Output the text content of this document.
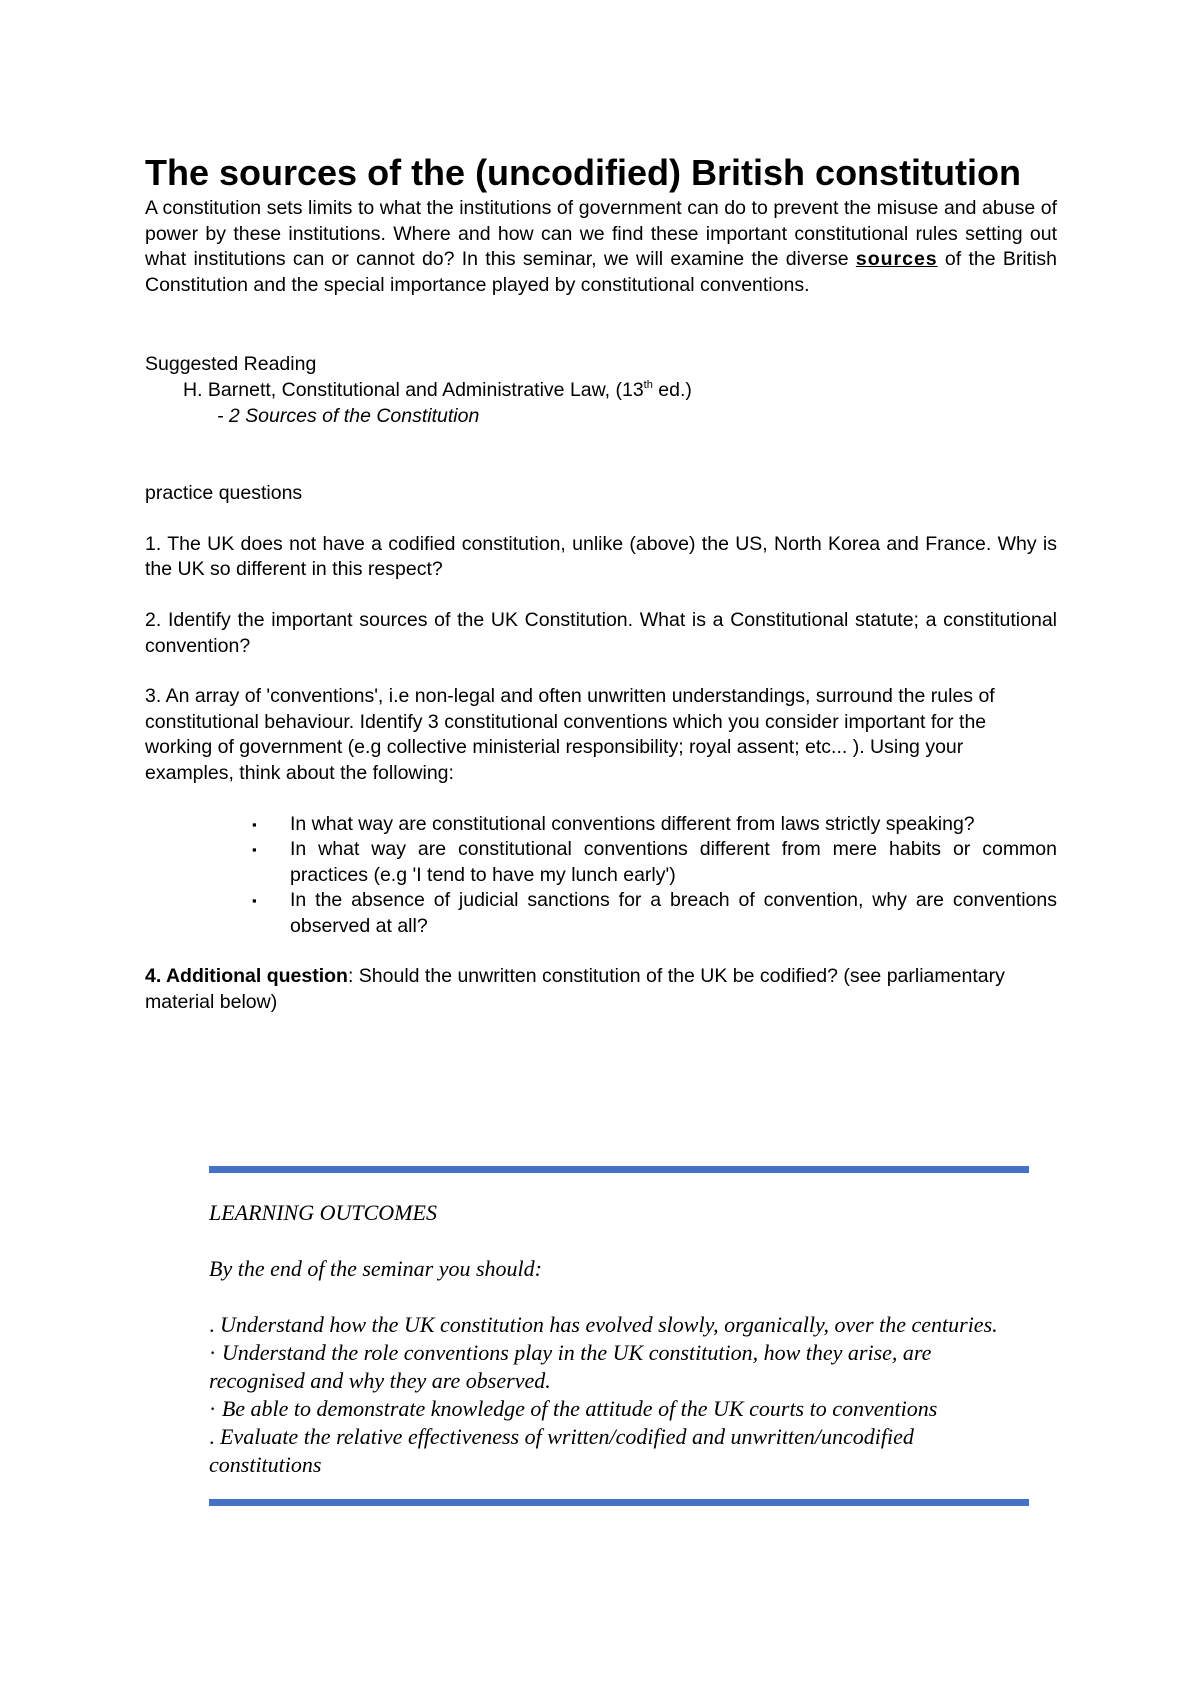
The sources of the (uncodified) British constitution

A constitution sets limits to what the institutions of government can do to prevent the misuse and abuse of power by these institutions. Where and how can we find these important constitutional rules setting out what institutions can or cannot do? In this seminar, we will examine the diverse sources of the British Constitution and the special importance played by constitutional conventions.

Suggested Reading

H. Barnett, Constitutional and Administrative Law, (13th ed.)

- 2 Sources of the Constitution

practice questions

1. The UK does not have a codified constitution, unlike (above) the US, North Korea and France. Why is the UK so different in this respect?

2. Identify the important sources of the UK Constitution. What is a Constitutional statute; a constitutional convention?

3. An array of 'conventions', i.e non-legal and often unwritten understandings, surround the rules of constitutional behaviour. Identify 3 constitutional conventions which you consider important for the working of government (e.g collective ministerial responsibility; royal assent; etc... ). Using your examples, think about the following:

▪ In what way are constitutional conventions different from laws strictly speaking?
▪ In what way are constitutional conventions different from mere habits or common practices (e.g 'I tend to have my lunch early')
▪ In the absence of judicial sanctions for a breach of convention, why are conventions observed at all?

4. Additional question: Should the unwritten constitution of the UK be codified? (see parliamentary material below)

LEARNING OUTCOMES

By the end of the seminar you should:

. Understand how the UK constitution has evolved slowly, organically, over the centuries.

· Understand the role conventions play in the UK constitution, how they arise, are recognised and why they are observed.

· Be able to demonstrate knowledge of the attitude of the UK courts to conventions

. Evaluate the relative effectiveness of written/codified and unwritten/uncodified constitutions
